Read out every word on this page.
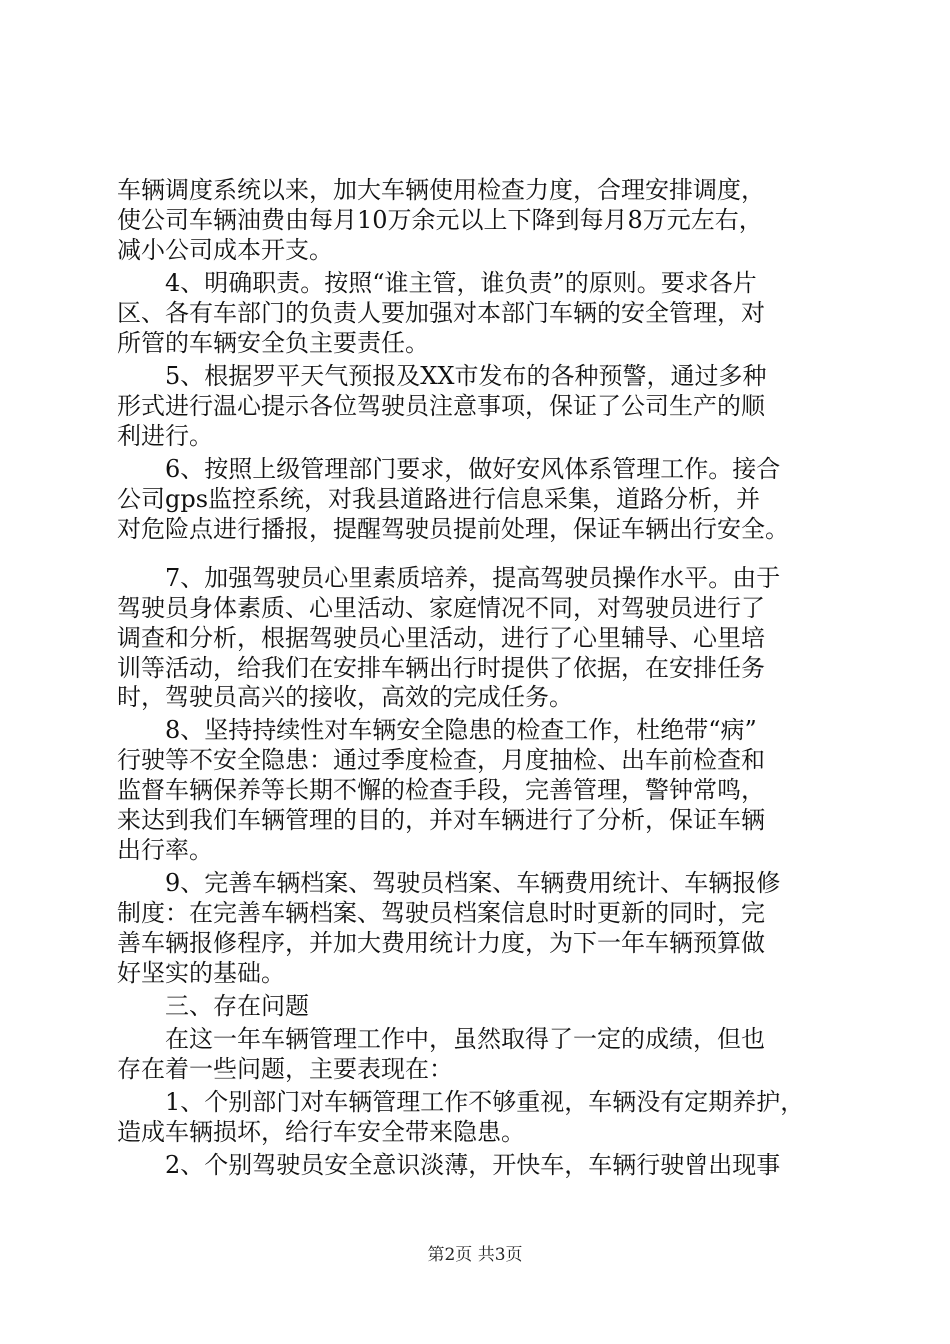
车辆调度系统以来，加大车辆使用检查力度，合理安排调度，
使公司车辆油费由每月10万余元以上下降到每月8万元左右，
减小公司成本开支。
　　4、明确职责。按照“谁主管，谁负责”的原则。要求各片
区、各有车部门的负责人要加强对本部门车辆的安全管理，对
所管的车辆安全负主要责任。
　　5、根据罗平天气预报及XX市发布的各种预警，通过多种
形式进行温心提示各位驾驶员注意事项，保证了公司生产的顺
利进行。
　　6、按照上级管理部门要求，做好安风体系管理工作。接合
公司gps监控系统，对我县道路进行信息采集，道路分析，并
对危险点进行播报，提醒驾驶员提前处理，保证车辆出行安全。
　　7、加强驾驶员心里素质培养，提高驾驶员操作水平。由于
驾驶员身体素质、心里活动、家庭情况不同，对驾驶员进行了
调查和分析，根据驾驶员心里活动，进行了心里辅导、心里培
训等活动，给我们在安排车辆出行时提供了依据，在安排任务
时，驾驶员高兴的接收，高效的完成任务。
　　8、坚持持续性对车辆安全隐患的检查工作，杜绝带“病”
行驶等不安全隐患：通过季度检查，月度抽检、出车前检查和
监督车辆保养等长期不懈的检查手段，完善管理，警钟常鸣，
来达到我们车辆管理的目的，并对车辆进行了分析，保证车辆
出行率。
　　9、完善车辆档案、驾驶员档案、车辆费用统计、车辆报修
制度：在完善车辆档案、驾驶员档案信息时时更新的同时，完
善车辆报修程序，并加大费用统计力度，为下一年车辆预算做
好坚实的基础。
　　三、存在问题
　　在这一年车辆管理工作中，虽然取得了一定的成绩，但也
存在着一些问题，主要表现在：
　　1、个别部门对车辆管理工作不够重视，车辆没有定期养护，
造成车辆损坏，给行车安全带来隐患。
　　2、个别驾驶员安全意识淡薄，开快车，车辆行驶曾出现事
第2页 共3页
